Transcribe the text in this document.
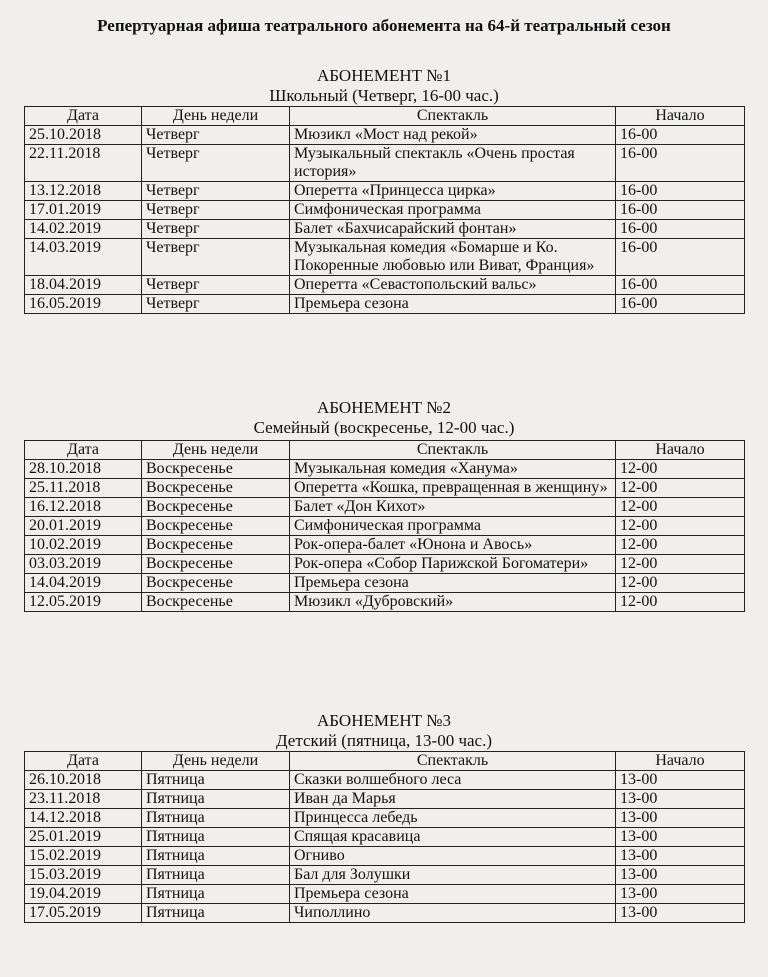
Репертуарная афиша театрального абонемента на 64-й театральный сезон
АБОНЕМЕНТ №1
Школьный (Четверг, 16-00 час.)
Дата	День недели	Спектакль	Начало
25.10.2018	Четверг	Мюзикл «Мост над рекой»	16-00
22.11.2018	Четверг	Музыкальный спектакль «Очень простая история»	16-00
13.12.2018	Четверг	Оперетта «Принцесса цирка»	16-00
17.01.2019	Четверг	Симфоническая программа	16-00
14.02.2019	Четверг	Балет «Бахчисарайский фонтан»	16-00
14.03.2019	Четверг	Музыкальная комедия «Бомарше и Ко. Покоренные любовью или Виват, Франция»	16-00
18.04.2019	Четверг	Оперетта «Севастопольский вальс»	16-00
16.05.2019	Четверг	Премьера сезона	16-00
АБОНЕМЕНТ №2
Семейный (воскресенье, 12-00 час.)
Дата	День недели	Спектакль	Начало
28.10.2018	Воскресенье	Музыкальная комедия «Ханума»	12-00
25.11.2018	Воскресенье	Оперетта «Кошка, превращенная в женщину»	12-00
16.12.2018	Воскресенье	Балет «Дон Кихот»	12-00
20.01.2019	Воскресенье	Симфоническая программа	12-00
10.02.2019	Воскресенье	Рок-опера-балет «Юнона и Авось»	12-00
03.03.2019	Воскресенье	Рок-опера «Собор Парижской Богоматери»	12-00
14.04.2019	Воскресенье	Премьера сезона	12-00
12.05.2019	Воскресенье	Мюзикл «Дубровский»	12-00
АБОНЕМЕНТ №3
Детский (пятница, 13-00 час.)
Дата	День недели	Спектакль	Начало
26.10.2018	Пятница	Сказки волшебного леса	13-00
23.11.2018	Пятница	Иван да Марья	13-00
14.12.2018	Пятница	Принцесса лебедь	13-00
25.01.2019	Пятница	Спящая красавица	13-00
15.02.2019	Пятница	Огниво	13-00
15.03.2019	Пятница	Бал для Золушки	13-00
19.04.2019	Пятница	Премьера сезона	13-00
17.05.2019	Пятница	Чиполлино	13-00
